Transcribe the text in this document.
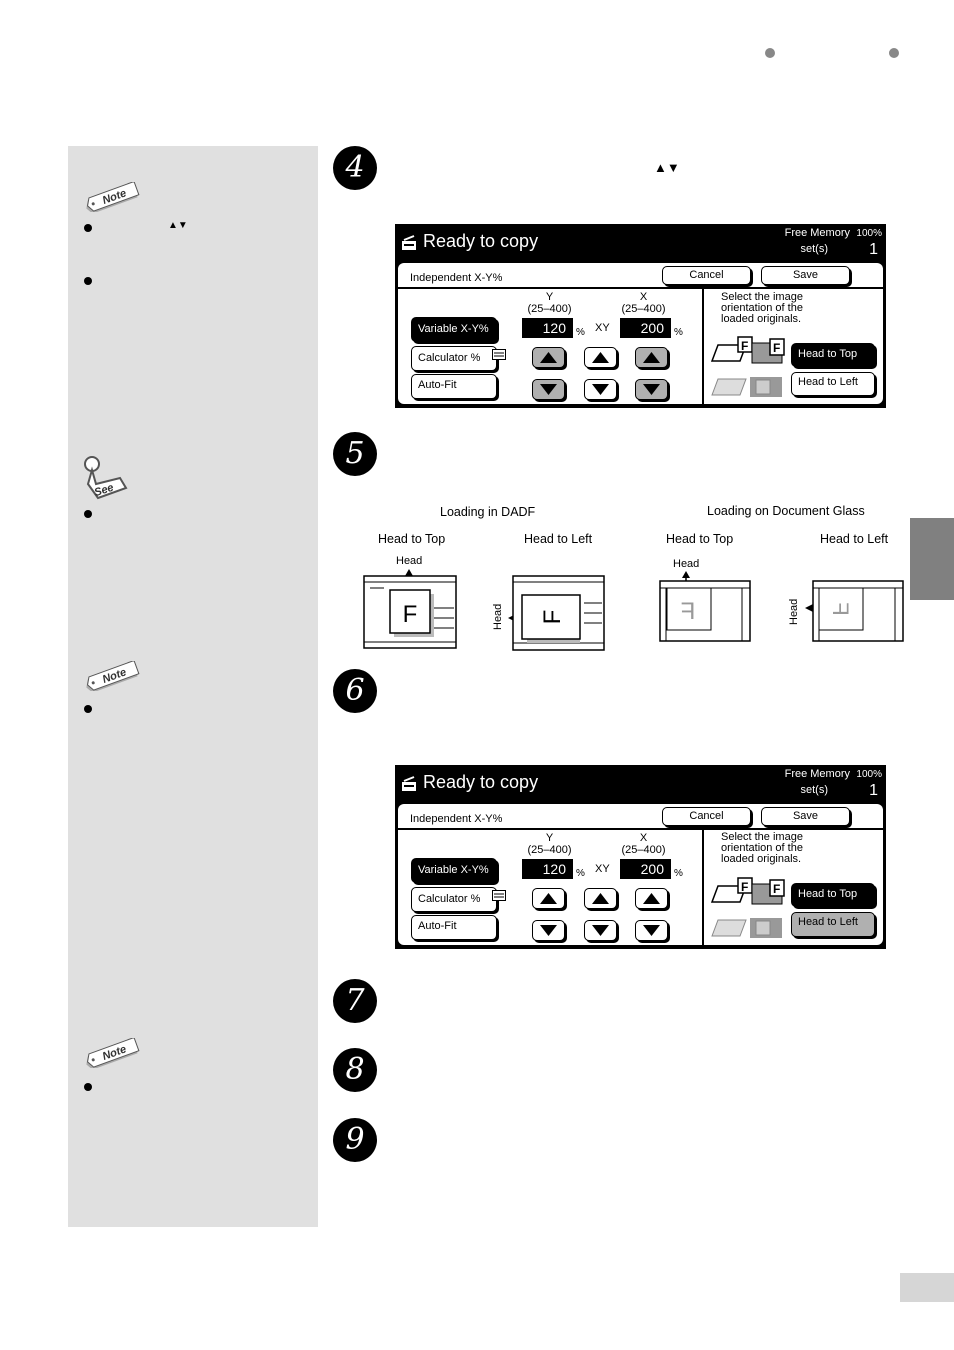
Note
▲▼
See
Note
Note
4
5
6
7
8
9
▲▼
Ready to copy	Free Memory 100%
set(s)	1
Independent X-Y%	Cancel	Save
Variable X-Y%
Calculator %
Auto-Fit
Y
(25–400)
X
(25–400)
120	% XY	200	%
Select the image
orientation of the
loaded originals.
F F	Head to Top
Head to Left
Loading in DADF	Loading on Document Glass
Head to Top	Head to Left	Head to Top	Head to Left
Head
F	Head F
Head
F	Head F
Ready to copy	Free Memory 100%
set(s)	1
Independent X-Y%	Cancel	Save
Variable X-Y%
Calculator %
Auto-Fit
Y
(25–400)
X
(25–400)
120	% XY	200	%
Select the image
orientation of the
loaded originals.
F F	Head to Top
Head to Left
